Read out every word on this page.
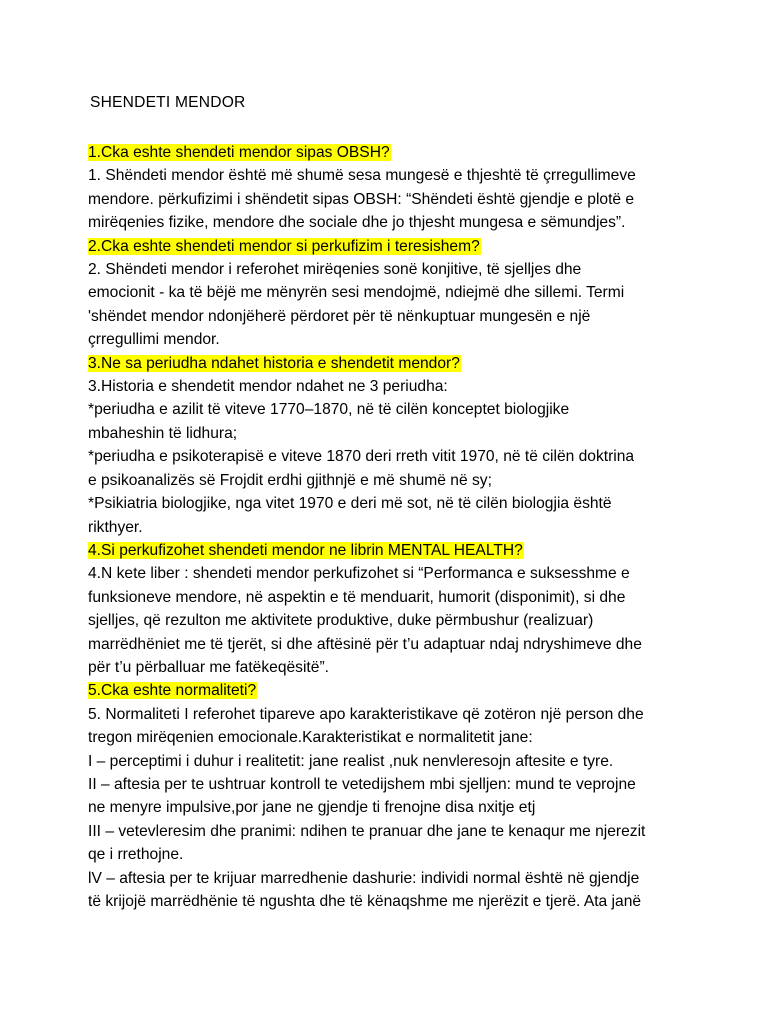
SHENDETI MENDOR
1.Cka eshte shendeti mendor sipas OBSH?
1. Shëndeti mendor është më shumë sesa mungesë e thjeshtë të çrregullimeve
mendore. përkufizimi i shëndetit sipas OBSH: “Shëndeti është gjendje e plotë e
mirëqenies fizike, mendore dhe sociale dhe jo thjesht mungesa e sëmundjes”.
2.Cka eshte shendeti mendor si perkufizim i teresishem?
2. Shëndeti mendor i referohet mirëqenies sonë konjitive, të sjelljes dhe
emocionit - ka të bëjë me mënyrën sesi mendojmë, ndiejmë dhe sillemi. Termi
'shëndet mendor ndonjëherë përdoret për të nënkuptuar mungesën e një
çrregullimi mendor.
3.Ne sa periudha ndahet historia e shendetit mendor?
3.Historia e shendetit mendor ndahet ne 3 periudha:
*periudha e azilit të viteve 1770–1870, në të cilën konceptet biologjike
mbaheshin të lidhura;
*periudha e psikoterapisë e viteve 1870 deri rreth vitit 1970, në të cilën doktrina
e psikoanalizës së Frojdit erdhi gjithnjë e më shumë në sy;
*Psikiatria biologjike, nga vitet 1970 e deri më sot, në të cilën biologjia është
rikthyer.
4.Si perkufizohet shendeti mendor ne librin MENTAL HEALTH?
4.N kete liber : shendeti mendor perkufizohet si “Performanca e suksesshme e
funksioneve mendore, në aspektin e të menduarit, humorit (disponimit), si dhe
sjelljes, që rezulton me aktivitete produktive, duke përmbushur (realizuar)
marrëdhëniet me të tjerët, si dhe aftësinë për t’u adaptuar ndaj ndryshimeve dhe
për t’u përballuar me fatëkeqësitë”.
5.Cka eshte normaliteti?
5. Normaliteti I referohet tipareve apo karakteristikave që zotëron një person dhe
tregon mirëqenien emocionale.Karakteristikat e normalitetit jane:
I – perceptimi i duhur i realitetit: jane realist ,nuk nenvleresojn aftesite e tyre.
II – aftesia per te ushtruar kontroll te vetedijshem mbi sjelljen: mund te veprojne
ne menyre impulsive,por jane ne gjendje ti frenojne disa nxitje etj
III – vetevleresim dhe pranimi: ndihen te pranuar dhe jane te kenaqur me njerezit
qe i rrethojne.
lV – aftesia per te krijuar marredhenie dashurie: individi normal është në gjendje
të krijojë marrëdhënie të ngushta dhe të kënaqshme me njerëzit e tjerë. Ata janë
